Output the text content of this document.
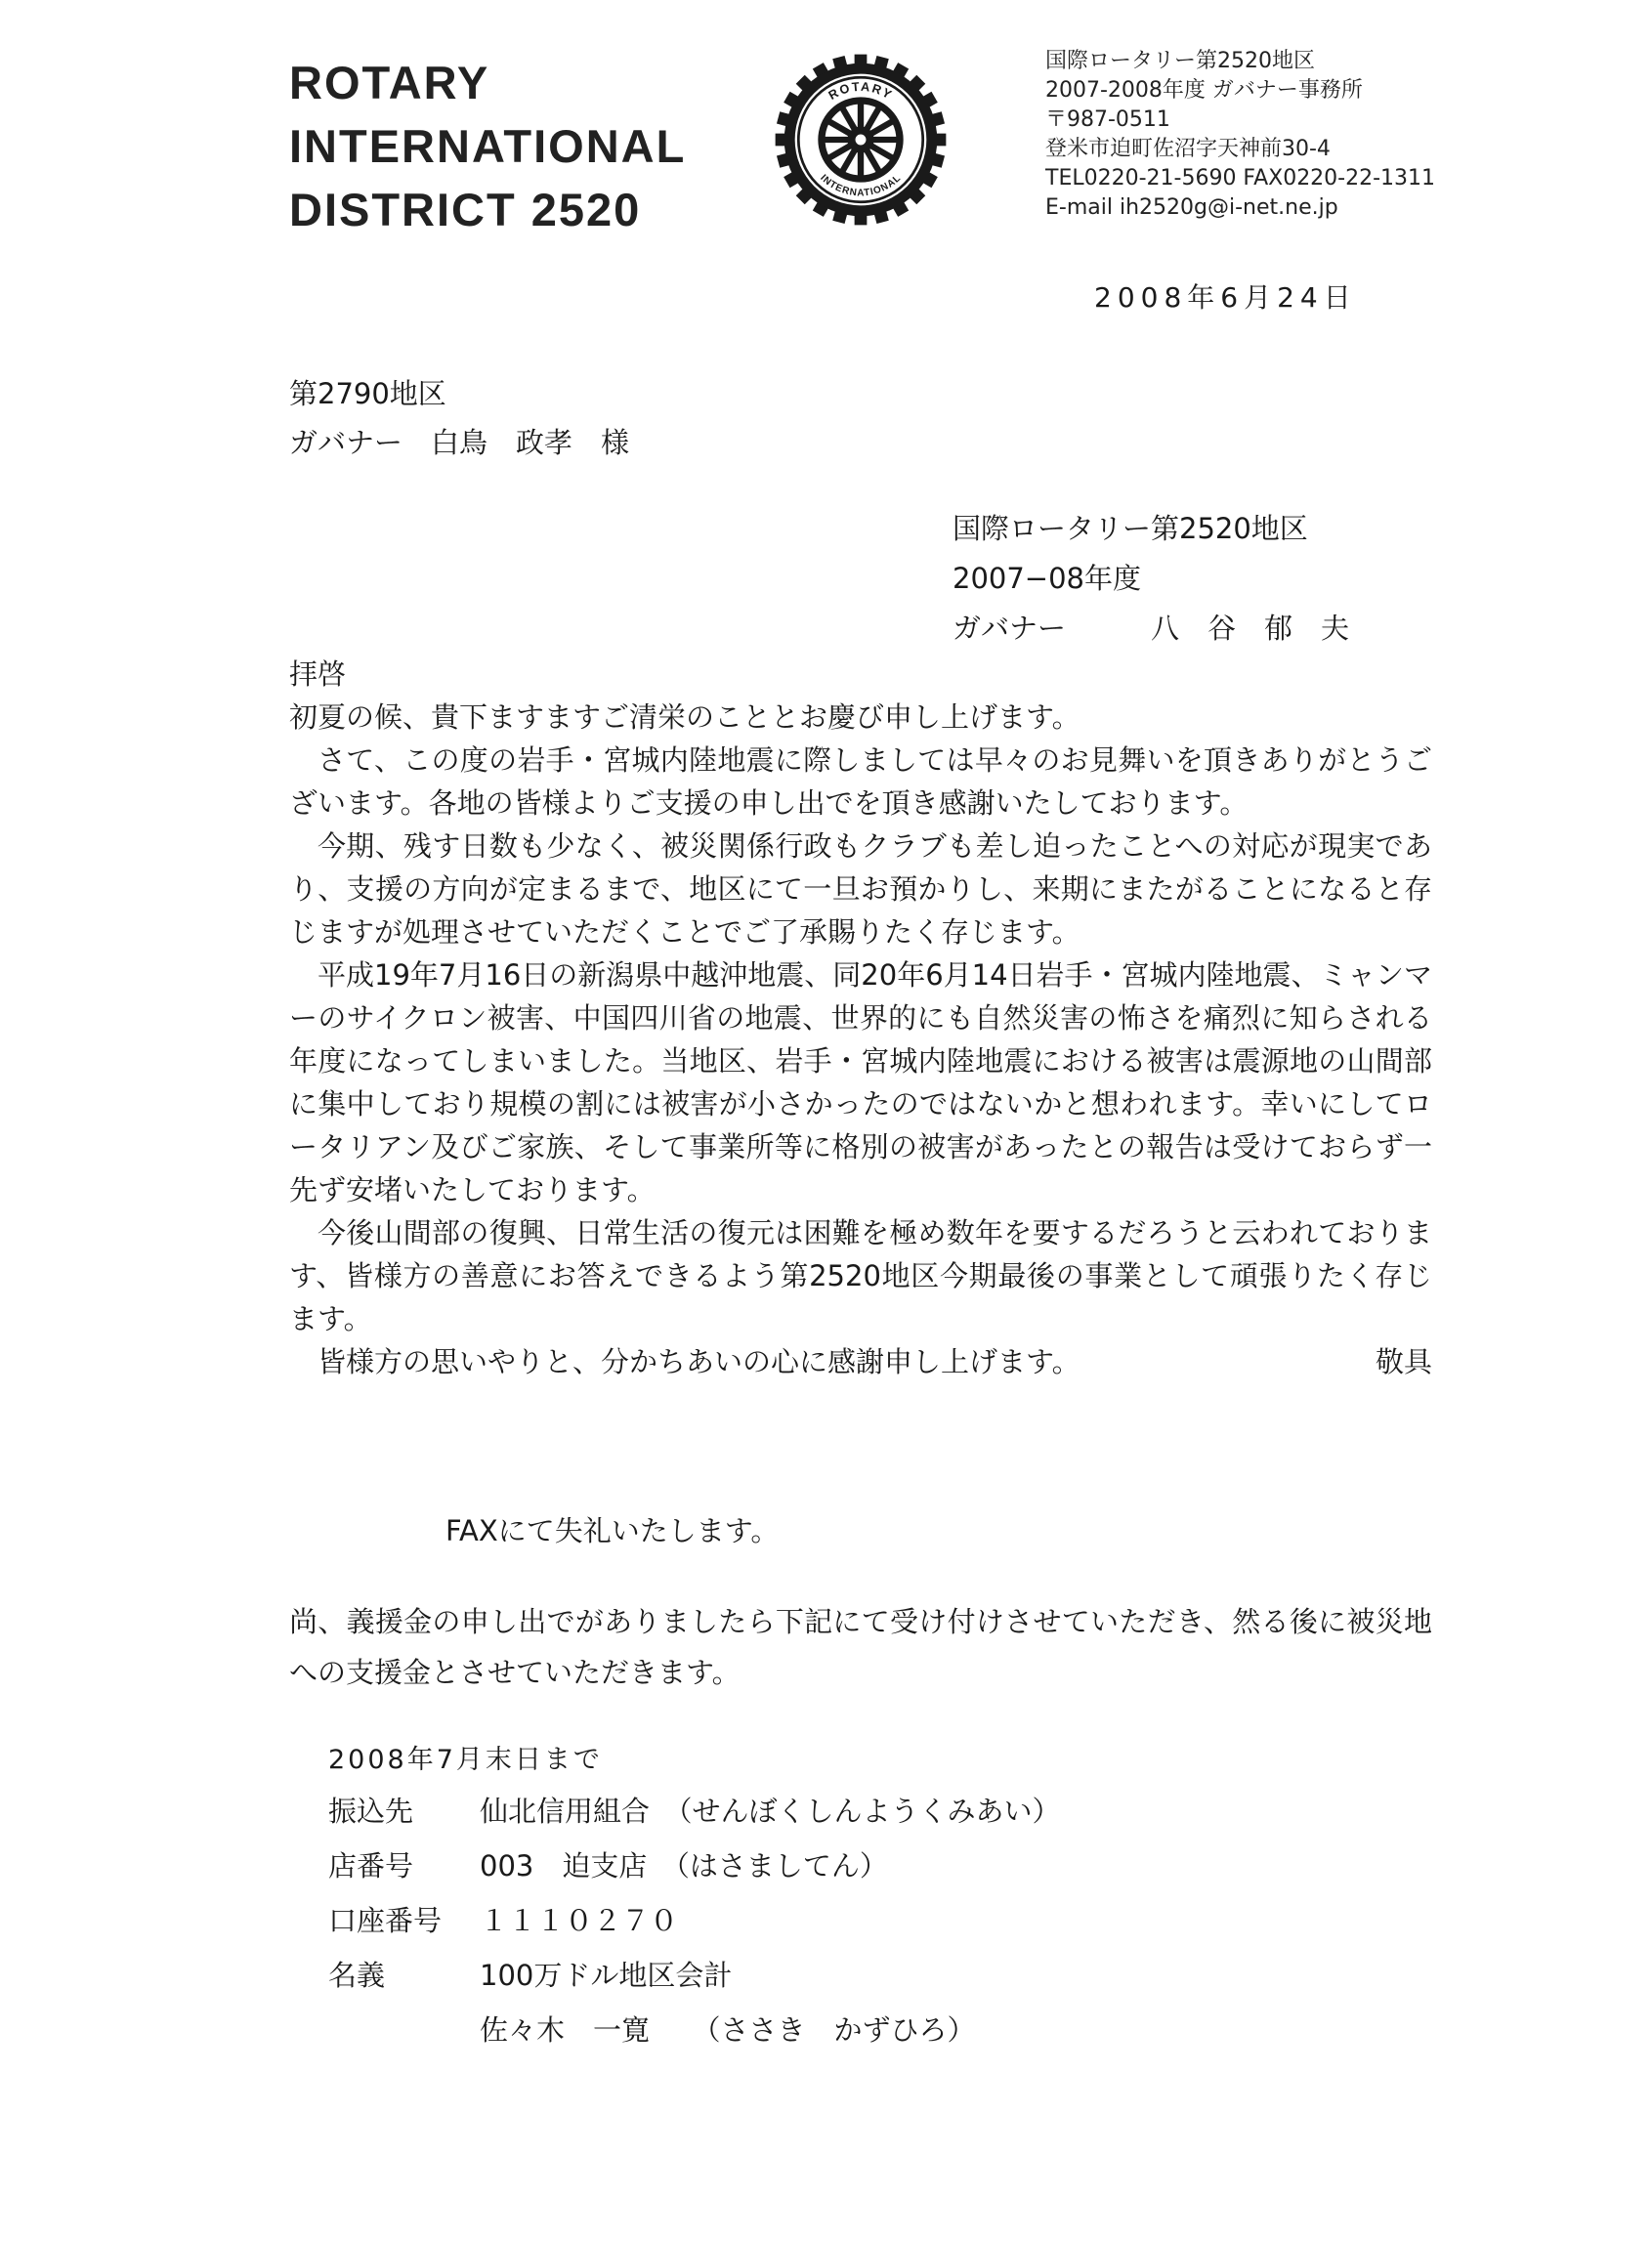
ROTARY
INTERNATIONAL
DISTRICT 2520
ROTARY
INTERNATIONAL
国際ロータリー第2520地区
2007-2008年度 ガバナー事務所
〒987-0511
登米市迫町佐沼字天神前30-4
TEL0220-21-5690 FAX0220-22-1311
E-mail ih2520g@i-net.ne.jp
2008年6月24日
第2790地区
ガバナー　白鳥　政孝　様
国際ロータリー第2520地区
2007−08年度
ガバナー　　　八　谷　郁　夫
拝啓

初夏の候、貴下ますますご清栄のこととお慶び申し上げます。

さて、この度の岩手・宮城内陸地震に際しましては早々のお見舞いを頂きありがとうございます。各地の皆様よりご支援の申し出でを頂き感謝いたしております。

今期、残す日数も少なく、被災関係行政もクラブも差し迫ったことへの対応が現実であり、支援の方向が定まるまで、地区にて一旦お預かりし、来期にまたがることになると存じますが処理させていただくことでご了承賜りたく存じます。

平成19年7月16日の新潟県中越沖地震、同20年6月14日岩手・宮城内陸地震、ミャンマーのサイクロン被害、中国四川省の地震、世界的にも自然災害の怖さを痛烈に知らされる年度になってしまいました。当地区、岩手・宮城内陸地震における被害は震源地の山間部に集中しており規模の割には被害が小さかったのではないかと想われます。幸いにしてロータリアン及びご家族、そして事業所等に格別の被害があったとの報告は受けておらず一先ず安堵いたしております。

今後山間部の復興、日常生活の復元は困難を極め数年を要するだろうと云われております、皆様方の善意にお答えできるよう第2520地区今期最後の事業として頑張りたく存じます。

皆様方の思いやりと、分かちあいの心に感謝申し上げます。	敬具
FAXにて失礼いたします。
尚、義援金の申し出でがありましたら下記にて受け付けさせていただき、然る後に被災地への支援金とさせていただきます。
2008年7月末日まで
振込先	仙北信用組合　（せんぼくしんようくみあい）
店番号	003　迫支店　（はさましてん）
口座番号	１１１０２７０
名義	100万ドル地区会計
佐々木　一寛　　（ささき　かずひろ）
